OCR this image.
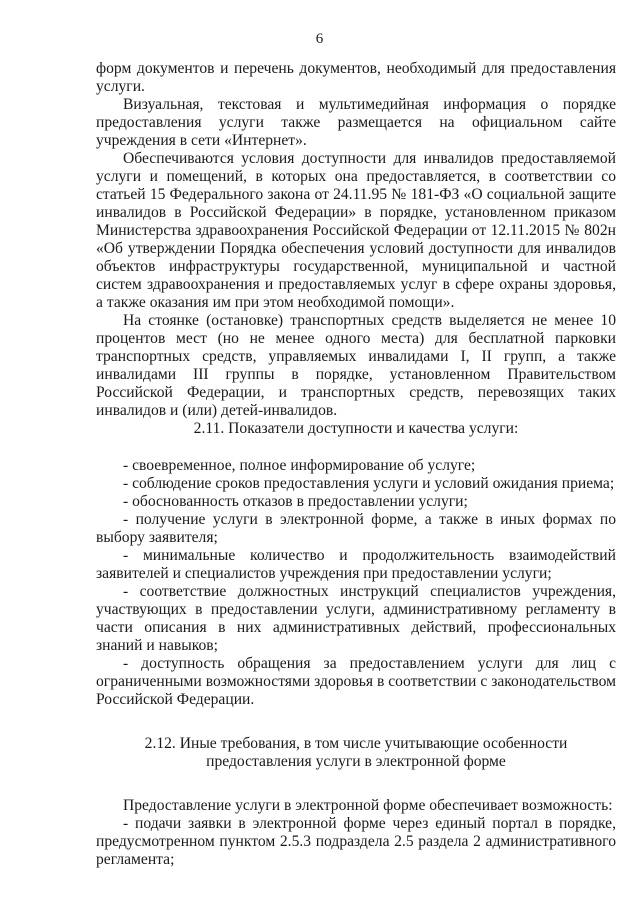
6

форм документов и перечень документов, необходимый для предоставления услуги.

Визуальная, текстовая и мультимедийная информация о порядке предоставления услуги также размещается на официальном сайте учреждения в сети «Интернет».

Обеспечиваются условия доступности для инвалидов предоставляемой услуги и помещений, в которых она предоставляется, в соответствии со статьей 15 Федерального закона от 24.11.95 № 181-ФЗ «О социальной защите инвалидов в Российской Федерации» в порядке, установленном приказом Министерства здравоохранения Российской Федерации от 12.11.2015 № 802н «Об утверждении Порядка обеспечения условий доступности для инвалидов объектов инфраструктуры государственной, муниципальной и частной систем здравоохранения и предоставляемых услуг в сфере охраны здоровья, а также оказания им при этом необходимой помощи».

На стоянке (остановке) транспортных средств выделяется не менее 10 процентов мест (но не менее одного места) для бесплатной парковки транспортных средств, управляемых инвалидами I, II групп, а также инвалидами III группы в порядке, установленном Правительством Российской Федерации, и транспортных средств, перевозящих таких инвалидов и (или) детей-инвалидов.

2.11. Показатели доступности и качества услуги:

- своевременное, полное информирование об услуге;

- соблюдение сроков предоставления услуги и условий ожидания приема;

- обоснованность отказов в предоставлении услуги;

- получение услуги в электронной форме, а также в иных формах по выбору заявителя;

- минимальные количество и продолжительность взаимодействий заявителей и специалистов учреждения при предоставлении услуги;

- соответствие должностных инструкций специалистов учреждения, участвующих в предоставлении услуги, административному регламенту в части описания в них административных действий, профессиональных знаний и навыков;

- доступность обращения за предоставлением услуги для лиц с ограниченными возможностями здоровья в соответствии с законодательством Российской Федерации.

2.12. Иные требования, в том числе учитывающие особенности

предоставления услуги в электронной форме

Предоставление услуги в электронной форме обеспечивает возможность:

- подачи заявки в электронной форме через единый портал в порядке, предусмотренном пунктом 2.5.3 подраздела 2.5 раздела 2 административного регламента;
